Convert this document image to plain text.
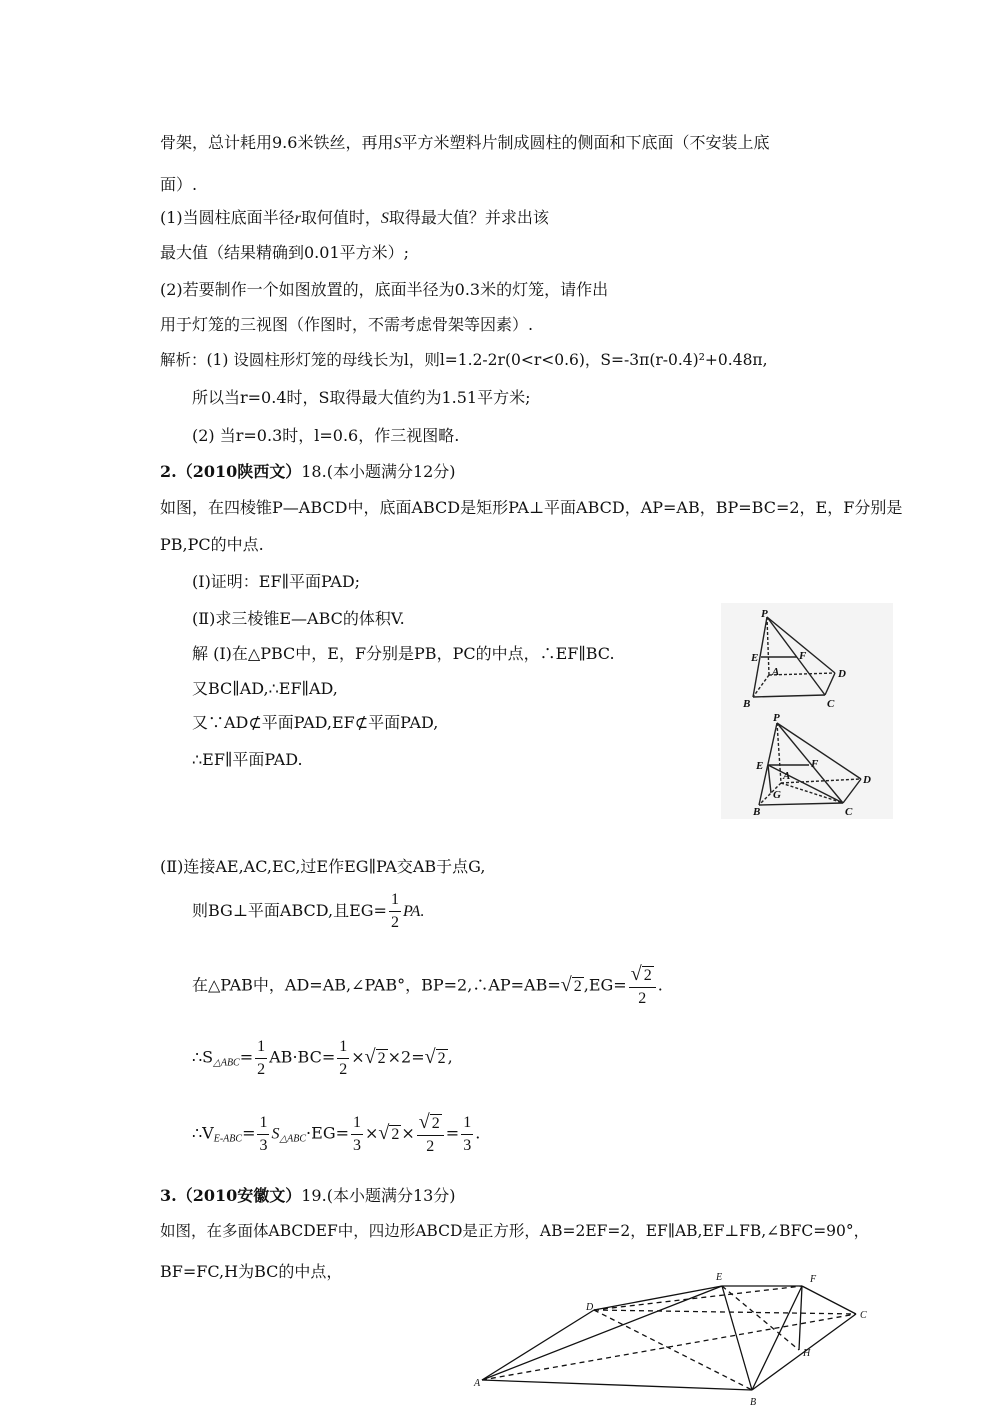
骨架，总计耗用9.6米铁丝，再用S平方米塑料片制成圆柱的侧面和下底面（不安装上底
面）.
(1)当圆柱底面半径r取何值时，S取得最大值？并求出该
最大值（结果精确到0.01平方米）;
(2)若要制作一个如图放置的，底面半径为0.3米的灯笼，请作出
用于灯笼的三视图（作图时，不需考虑骨架等因素）.
解析：(1) 设圆柱形灯笼的母线长为l，则l=1.2-2r(0<r<0.6)，S=-3π(r-0.4)²+0.48π,
所以当r=0.4时，S取得最大值约为1.51平方米;
(2) 当r=0.3时，l=0.6，作三视图略.
2.（2010陕西文）18.(本小题满分12分)
如图，在四棱锥P—ABCD中，底面ABCD是矩形PA⊥平面ABCD，AP=AB，BP=BC=2，E，F分别是
PB,PC的中点.
(Ⅰ)证明：EF∥平面PAD;
(Ⅱ)求三棱锥E—ABC的体积V.
解 (Ⅰ)在△PBC中，E，F分别是PB，PC的中点，∴EF∥BC.
又BC∥AD,∴EF∥AD,
又∵AD⊄平面PAD,EF⊄平面PAD,
∴EF∥平面PAD.
P
E	F
A	D
B	C
P
E	F
A	D
G
B	C
(Ⅱ)连接AE,AC,EC,过E作EG∥PA交AB于点G,
则BG⊥平面ABCD,且$EG= \frac{1}{2}$ PA.
在△PAB中，AD=AB,∠PAB°，BP=2,∴AP=AB=√ 2 $,EG= \frac{√ 2}{2}$ .
$\therefore S_{\triangle ABC}= \frac{1}{2} AB\cdot BC= \frac{1}{2}$ ×√ 2 ×2=√ 2 ,
$\therefore V_{E-ABC}= \frac{1}{3} S_{\triangle ABC}\cdot EG= \frac{1}{3}$ ×√ $2 \times \frac{√ 2}{2} = \frac{1}{3}$ .
3.（2010安徽文）19.(本小题满分13分)
如图，在多面体ABCDEF中，四边形ABCD是正方形，AB=2EF=2，EF∥AB,EF⊥FB,∠BFC=90°，
BF=FC,H为BC的中点，	E	F
D
C
H
A
B
